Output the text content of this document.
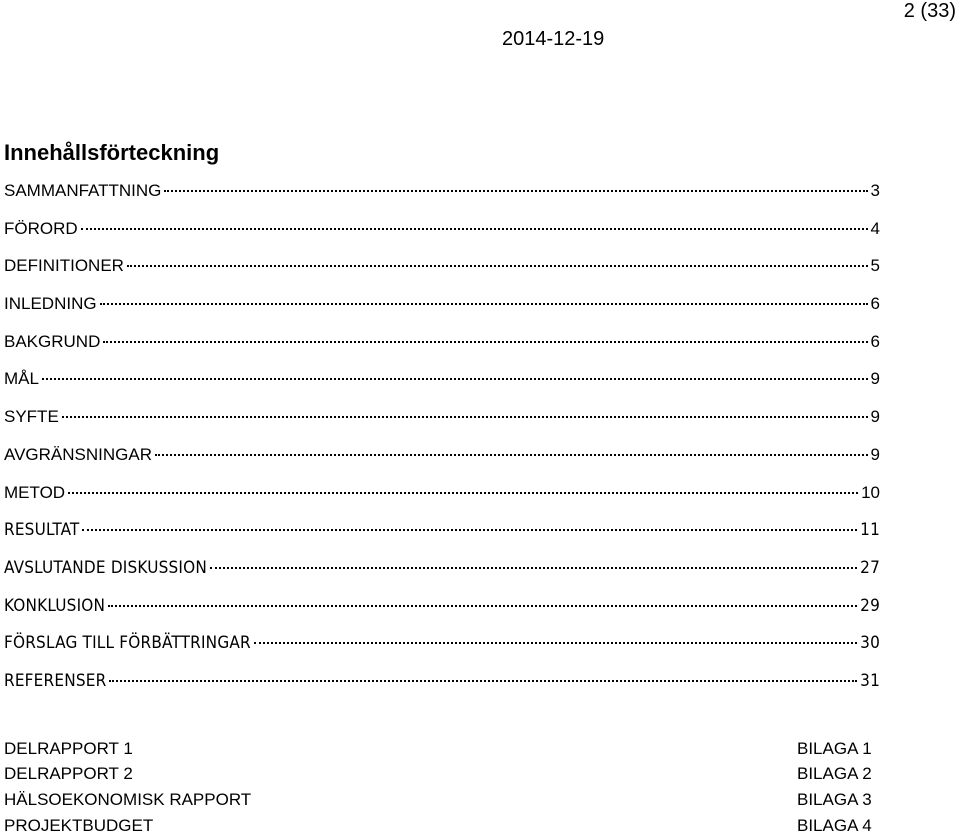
2 (33)
2014-12-19
Innehållsförteckning
SAMMANFATTNING	3
FÖRORD	4
DEFINITIONER	5
INLEDNING	6
BAKGRUND	6
MÅL	9
SYFTE	9
AVGRÄNSNINGAR	9
METOD	10
RESULTAT	11
AVSLUTANDE DISKUSSION	27
KONKLUSION	29
FÖRSLAG TILL FÖRBÄTTRINGAR	30
REFERENSER	31
DELRAPPORT 1	BILAGA 1
DELRAPPORT 2	BILAGA 2
HÄLSOEKONOMISK RAPPORT	BILAGA 3
PROJEKTBUDGET	BILAGA 4
